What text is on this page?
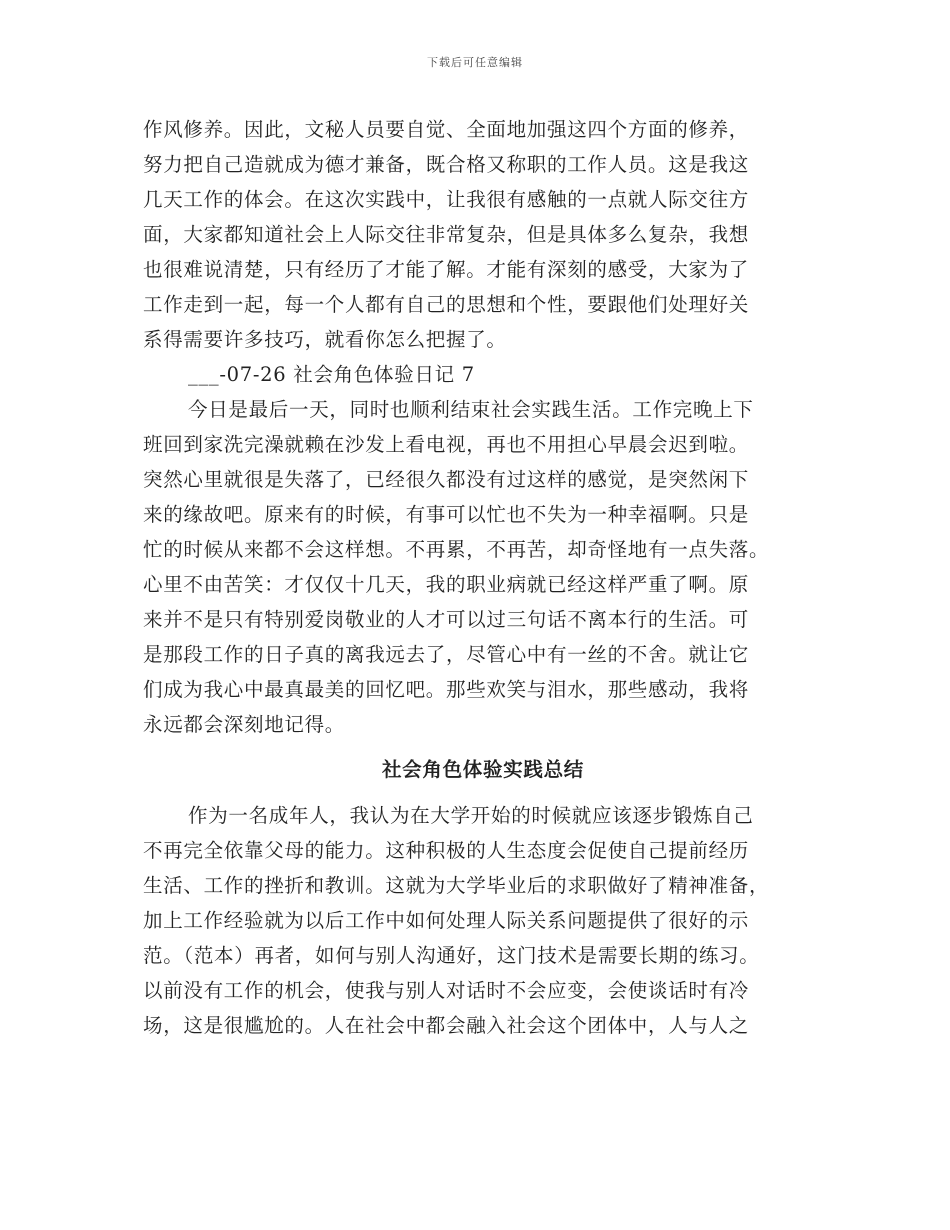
下载后可任意编辑
作风修养。因此，文秘人员要自觉、全面地加强这四个方面的修养，
努力把自己造就成为德才兼备，既合格又称职的工作人员。这是我这
几天工作的体会。在这次实践中，让我很有感触的一点就人际交往方
面，大家都知道社会上人际交往非常复杂，但是具体多么复杂，我想
也很难说清楚，只有经历了才能了解。才能有深刻的感受，大家为了
工作走到一起，每一个人都有自己的思想和个性，要跟他们处理好关
系得需要许多技巧，就看你怎么把握了。
___-07-26 社会角色体验日记 7
今日是最后一天，同时也顺利结束社会实践生活。工作完晚上下
班回到家洗完澡就赖在沙发上看电视，再也不用担心早晨会迟到啦。
突然心里就很是失落了，已经很久都没有过这样的感觉，是突然闲下
来的缘故吧。原来有的时候，有事可以忙也不失为一种幸福啊。只是
忙的时候从来都不会这样想。不再累，不再苦，却奇怪地有一点失落。
心里不由苦笑：才仅仅十几天，我的职业病就已经这样严重了啊。原
来并不是只有特别爱岗敬业的人才可以过三句话不离本行的生活。可
是那段工作的日子真的离我远去了，尽管心中有一丝的不舍。就让它
们成为我心中最真最美的回忆吧。那些欢笑与泪水，那些感动，我将
永远都会深刻地记得。
社会角色体验实践总结
作为一名成年人，我认为在大学开始的时候就应该逐步锻炼自己
不再完全依靠父母的能力。这种积极的人生态度会促使自己提前经历
生活、工作的挫折和教训。这就为大学毕业后的求职做好了精神准备，
加上工作经验就为以后工作中如何处理人际关系问题提供了很好的示
范。（范本）再者，如何与别人沟通好，这门技术是需要长期的练习。
以前没有工作的机会，使我与别人对话时不会应变，会使谈话时有冷
场，这是很尴尬的。人在社会中都会融入社会这个团体中，人与人之
